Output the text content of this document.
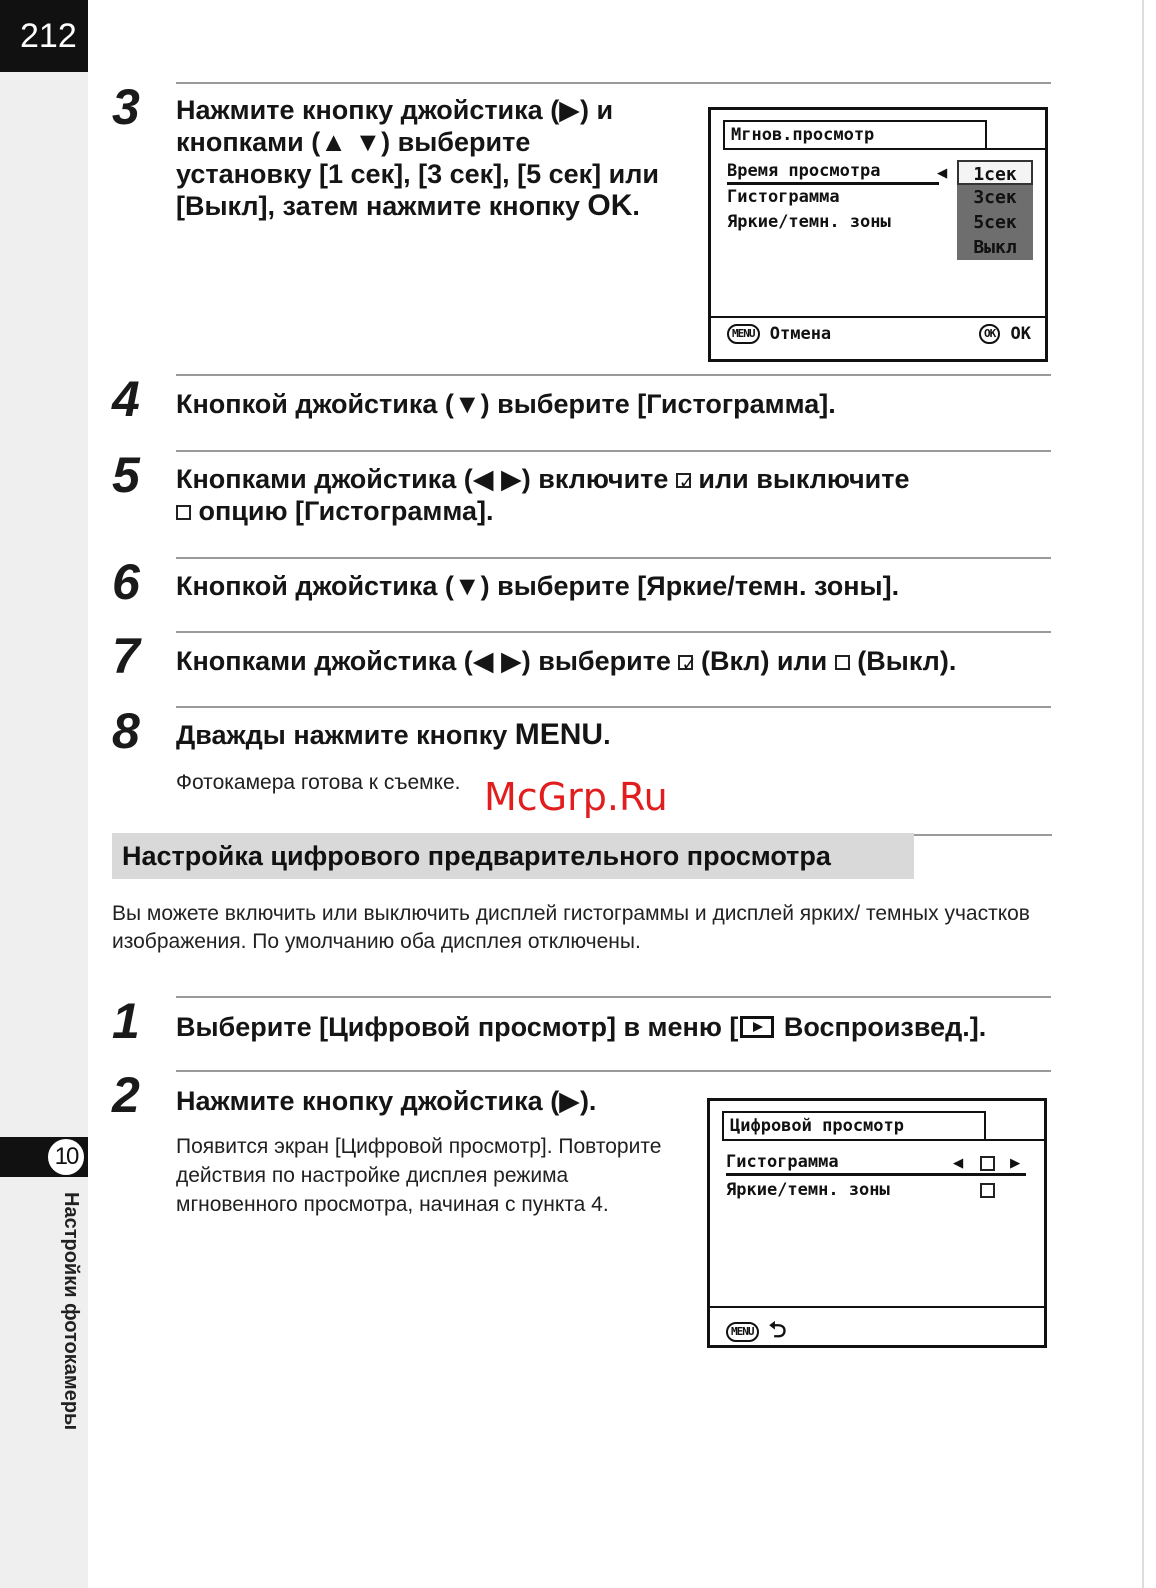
212
10
Настройки фотокамеры
3	Нажмите кнопку джойстика (▶) и кнопками (▲ ▼) выберите установку [1 сек], [3 сек], [5 сек] или [Выкл], затем нажмите кнопку OK.
Мгнов.просмотр
Время просмотра
Гистограмма
Яркие/темн. зоны
◀	1сек
3сек
5сек
Выкл
MENU Отмена	OK OK
4	Кнопкой джойстика (▼) выберите [Гистограмма].
5	Кнопками джойстика (◀ ▶) включите ✓ или выключите
опцию [Гистограмма].
6	Кнопкой джойстика (▼) выберите [Яркие/темн. зоны].
7	Кнопками джойстика (◀ ▶) выберите ✓ (Вкл) или  (Выкл).
8	Дважды нажмите кнопку MENU.
Фотокамера готова к съемке. McGrp.Ru
Настройка цифрового предварительного просмотра
Вы можете включить или выключить дисплей гистограммы и дисплей ярких/ темных участков изображения. По умолчанию оба дисплея отключены.
1	Выберите [Цифровой просмотр] в меню [ Воспроизвед.].
2	Нажмите кнопку джойстика (▶).
Появится экран [Цифровой просмотр]. Повторите действия по настройке дисплея режима мгновенного просмотра, начиная с пункта 4.
Цифровой просмотр
Гистограмма	◀	▶
Яркие/темн. зоны
MENU ⮌
